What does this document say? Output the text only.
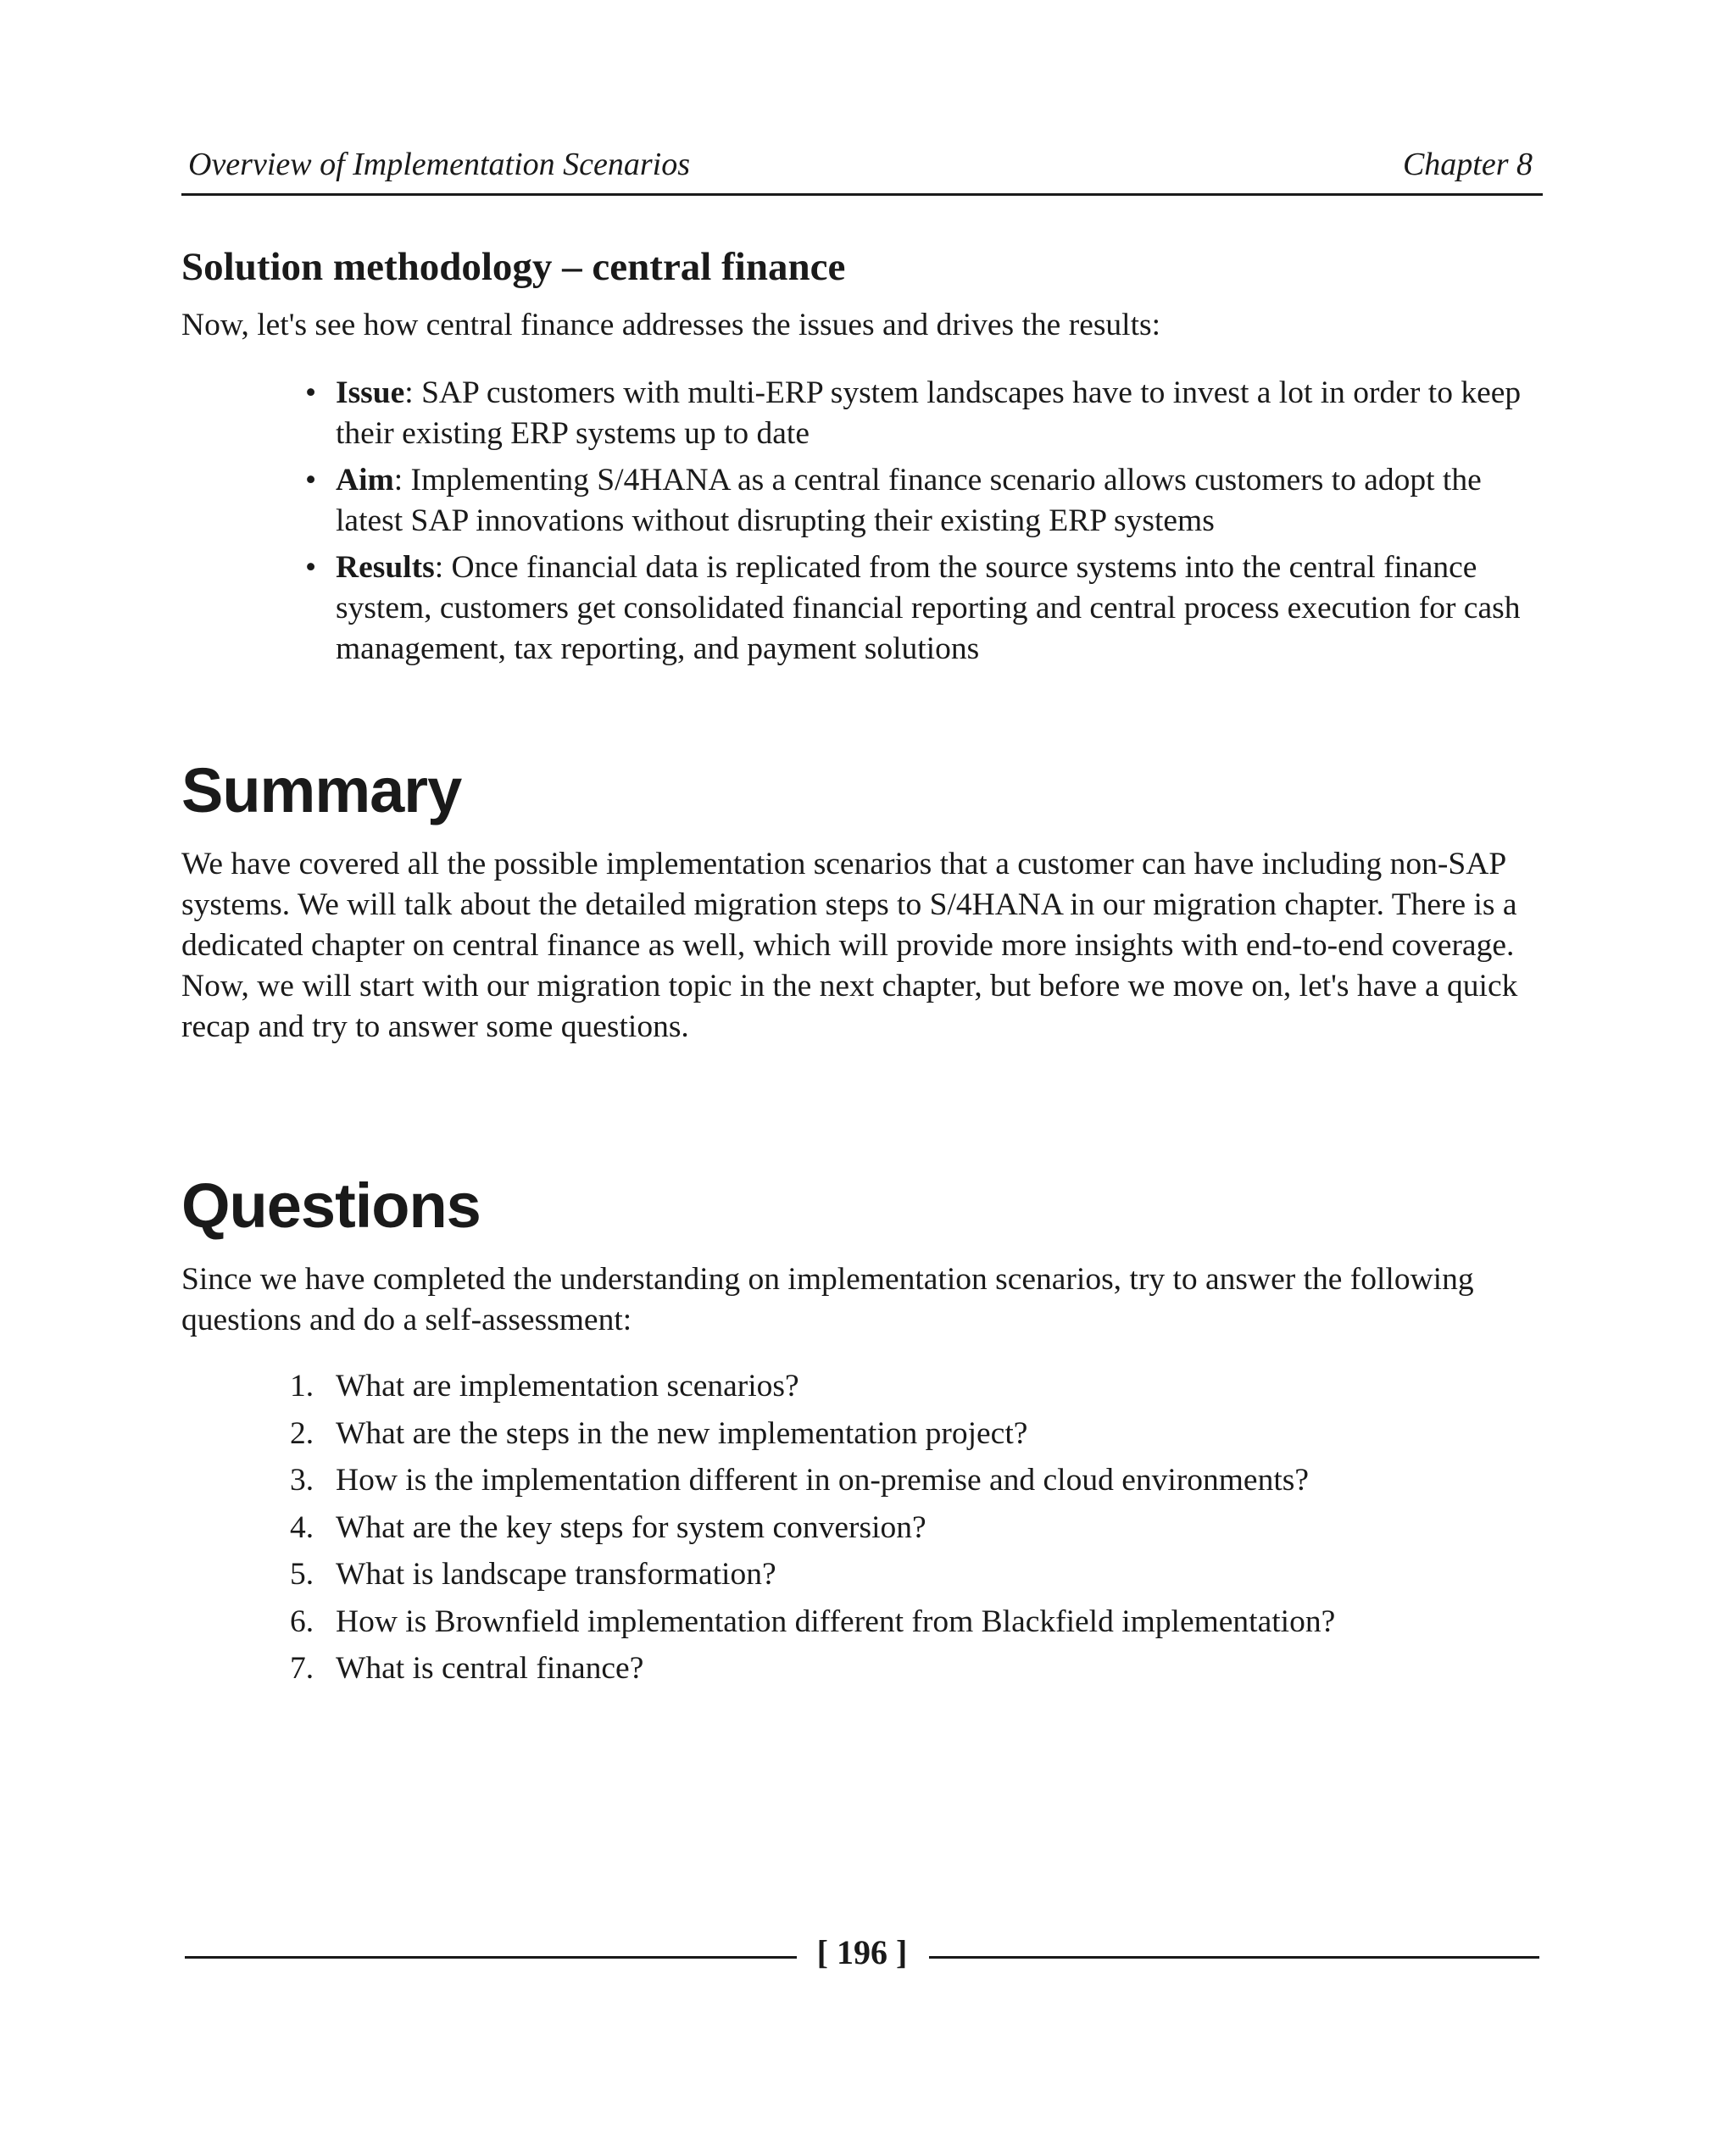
Overview of Implementation Scenarios	Chapter 8
Solution methodology – central finance

Now, let's see how central finance addresses the issues and drives the results:

• Issue: SAP customers with multi-ERP system landscapes have to invest a lot in order to keep their existing ERP systems up to date
• Aim: Implementing S/4HANA as a central finance scenario allows customers to adopt the latest SAP innovations without disrupting their existing ERP systems
• Results: Once financial data is replicated from the source systems into the central finance system, customers get consolidated financial reporting and central process execution for cash management, tax reporting, and payment solutions
Summary

We have covered all the possible implementation scenarios that a customer can have including non-SAP systems. We will talk about the detailed migration steps to S/4HANA in our migration chapter. There is a dedicated chapter on central finance as well, which will provide more insights with end-to-end coverage. Now, we will start with our migration topic in the next chapter, but before we move on, let's have a quick recap and try to answer some questions.

Questions

Since we have completed the understanding on implementation scenarios, try to answer the following questions and do a self-assessment:

1. What are implementation scenarios?
2. What are the steps in the new implementation project?
3. How is the implementation different in on-premise and cloud environments?
4. What are the key steps for system conversion?
5. What is landscape transformation?
6. How is Brownfield implementation different from Blackfield implementation?
7. What is central finance?
[ 196 ]
